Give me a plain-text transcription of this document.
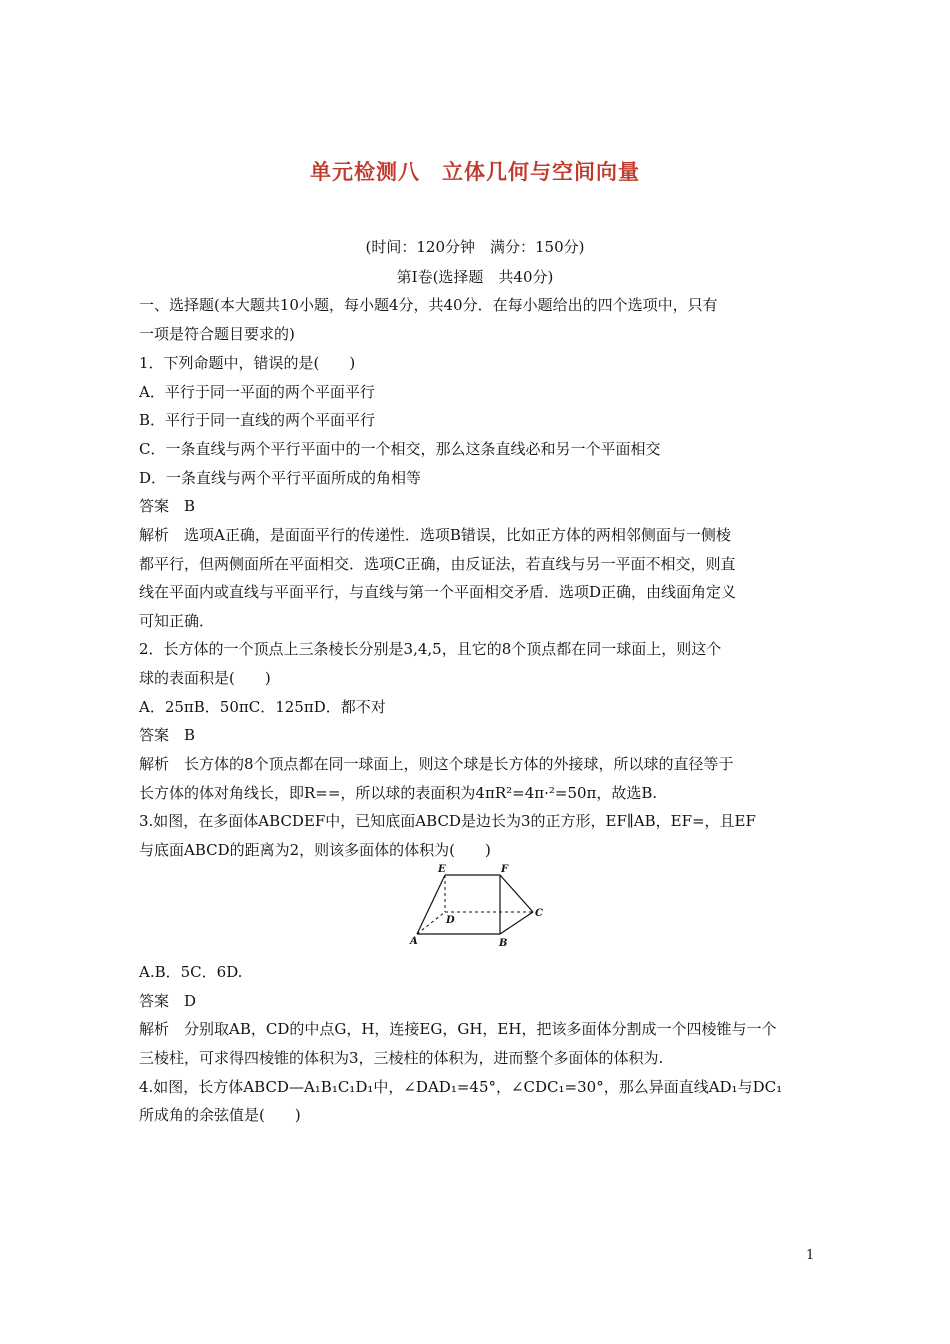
单元检测八　立体几何与空间向量
(时间：120分钟　满分：150分)
第Ⅰ卷(选择题　共40分)
一、选择题(本大题共10小题，每小题4分，共40分．在每小题给出的四个选项中，只有
一项是符合题目要求的)
1．下列命题中，错误的是(　　)
A．平行于同一平面的两个平面平行
B．平行于同一直线的两个平面平行
C．一条直线与两个平行平面中的一个相交，那么这条直线必和另一个平面相交
D．一条直线与两个平行平面所成的角相等
答案　B
解析　选项A正确，是面面平行的传递性．选项B错误，比如正方体的两相邻侧面与一侧棱
都平行，但两侧面所在平面相交．选项C正确，由反证法，若直线与另一平面不相交，则直
线在平面内或直线与平面平行，与直线与第一个平面相交矛盾．选项D正确，由线面角定义
可知正确．
2．长方体的一个顶点上三条棱长分别是3,4,5，且它的8个顶点都在同一球面上，则这个
球的表面积是(　　)
A．25πB．50πC．125πD．都不对
答案　B
解析　长方体的8个顶点都在同一球面上，则这个球是长方体的外接球，所以球的直径等于
长方体的体对角线长，即R==，所以球的表面积为4πR²=4π·²=50π，故选B.
3.如图，在多面体ABCDEF中，已知底面ABCD是边长为3的正方形，EF∥AB，EF=，且EF
与底面ABCD的距离为2，则该多面体的体积为(　　)
E	F
D
C
A	B
A.B．5C．6D.
答案　D
解析　分别取AB，CD的中点G，H，连接EG，GH，EH，把该多面体分割成一个四棱锥与一个
三棱柱，可求得四棱锥的体积为3，三棱柱的体积为，进而整个多面体的体积为.
4.如图，长方体ABCD—A₁B₁C₁D₁中，∠DAD₁=45°，∠CDC₁=30°，那么异面直线AD₁与DC₁
所成角的余弦值是(　　)
1
